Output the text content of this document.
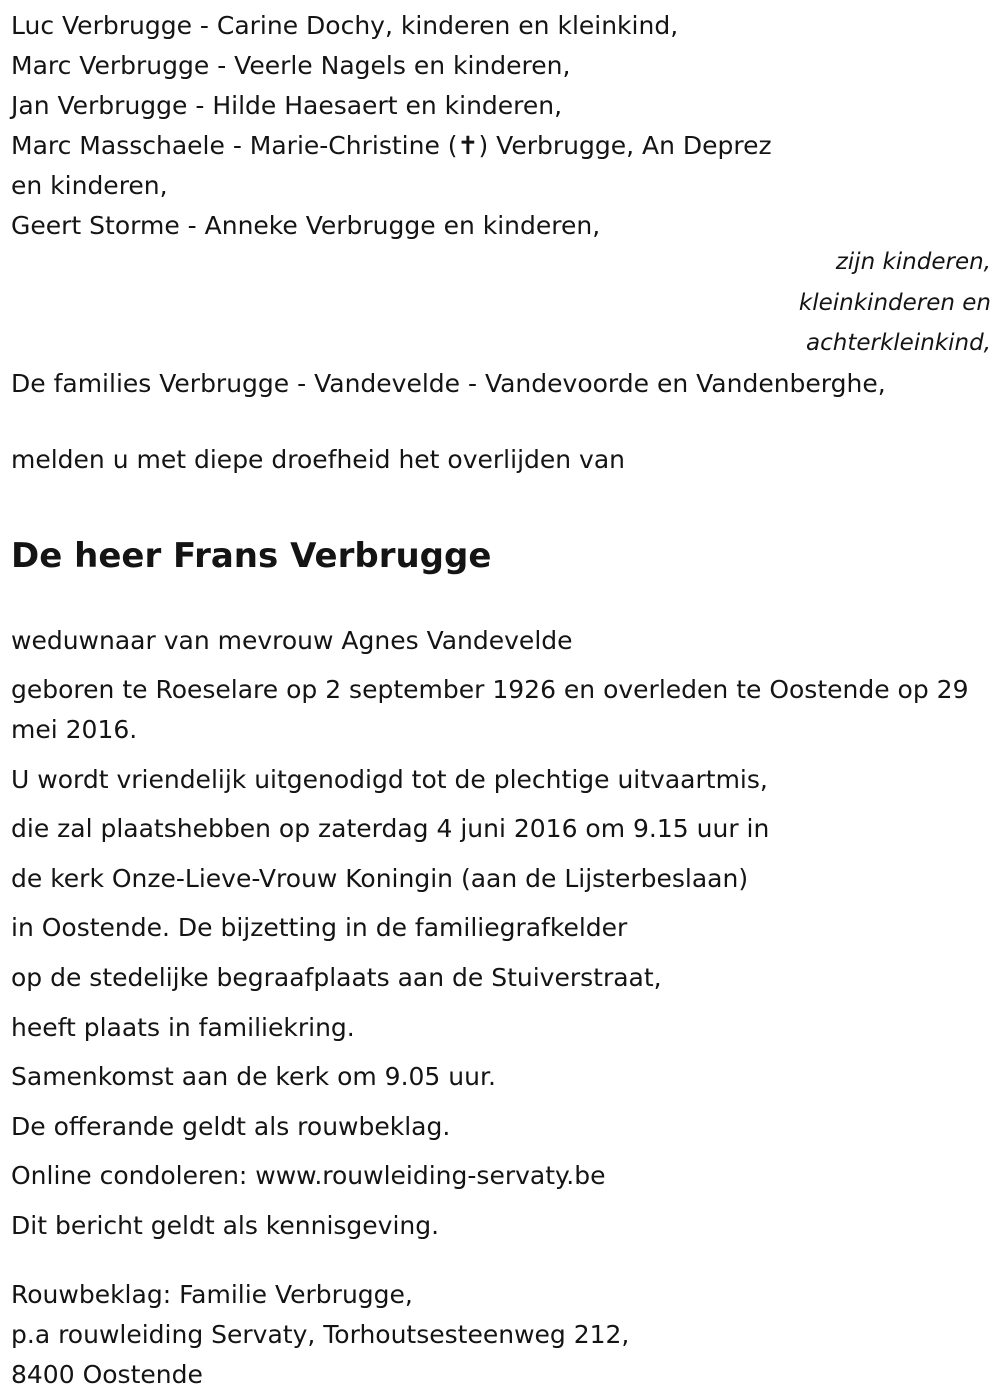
Luc Verbrugge - Carine Dochy, kinderen en kleinkind,

Marc Verbrugge - Veerle Nagels en kinderen,

Jan Verbrugge - Hilde Haesaert en kinderen,

Marc Masschaele - Marie-Christine (✝) Verbrugge, An Deprez

en kinderen,

Geert Storme - Anneke Verbrugge en kinderen,

zijn kinderen,
kleinkinderen en
achterkleinkind,

De families Verbrugge - Vandevelde - Vandevoorde en Vandenberghe,

melden u met diepe droefheid het overlijden van

De heer Frans Verbrugge
weduwnaar van mevrouw Agnes Vandevelde
geboren te Roeselare op 2 september 1926 en overleden te Oostende op 29 mei 2016.
U wordt vriendelijk uitgenodigd tot de plechtige uitvaartmis,
die zal plaatshebben op zaterdag 4 juni 2016 om 9.15 uur in
de kerk Onze-Lieve-Vrouw Koningin (aan de Lijsterbeslaan)
in Oostende. De bijzetting in de familiegrafkelder
op de stedelijke begraafplaats aan de Stuiverstraat,
heeft plaats in familiekring.
Samenkomst aan de kerk om 9.05 uur.
De offerande geldt als rouwbeklag.
Online condoleren: www.rouwleiding-servaty.be
Dit bericht geldt als kennisgeving.

Rouwbeklag: Familie Verbrugge,

p.a rouwleiding Servaty, Torhoutsesteenweg 212,

8400 Oostende
